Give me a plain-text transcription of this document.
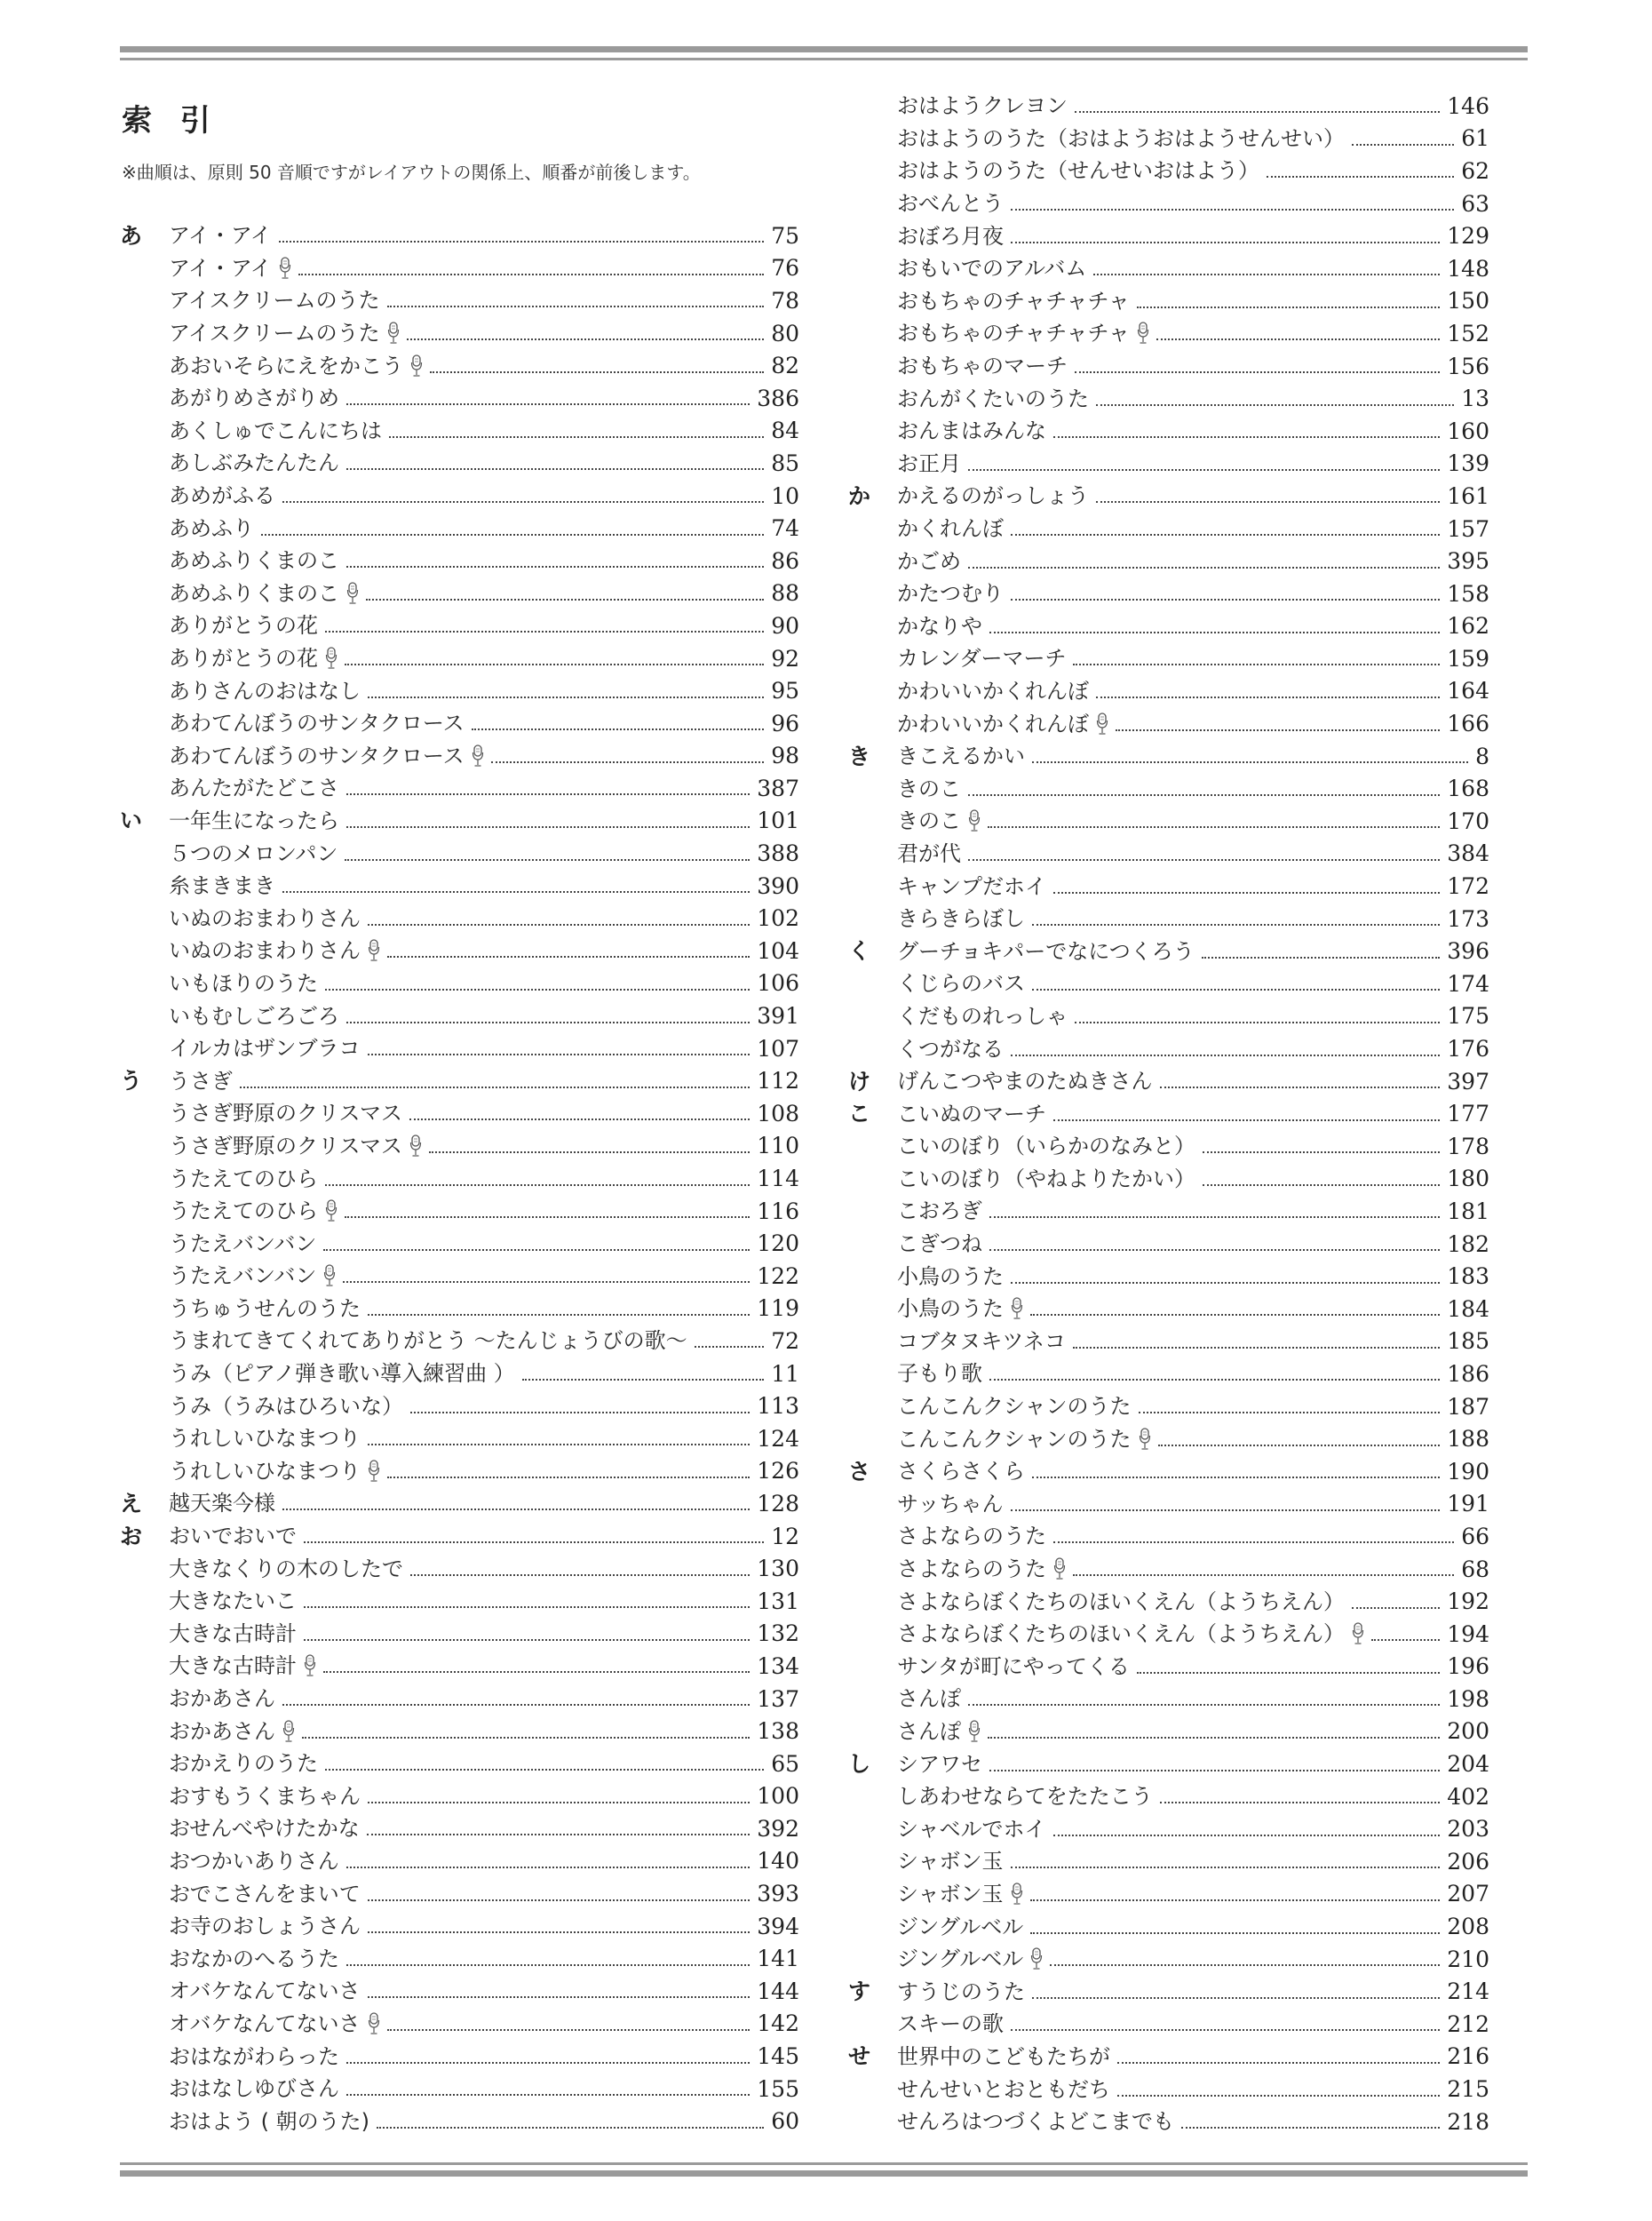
索 引
※曲順は、原則 50 音順ですがレイアウトの関係上、順番が前後します。
あ	アイ・アイ	75
アイ・アイ	76
アイスクリームのうた	78
アイスクリームのうた	80
あおいそらにえをかこう	82
あがりめさがりめ	386
あくしゅでこんにちは	84
あしぶみたんたん	85
あめがふる	10
あめふり	74
あめふりくまのこ	86
あめふりくまのこ	88
ありがとうの花	90
ありがとうの花	92
ありさんのおはなし	95
あわてんぼうのサンタクロース	96
あわてんぼうのサンタクロース	98
あんたがたどこさ	387
い	一年生になったら	101
５つのメロンパン	388
糸まきまき	390
いぬのおまわりさん	102
いぬのおまわりさん	104
いもほりのうた	106
いもむしごろごろ	391
イルカはザンブラコ	107
う	うさぎ	112
うさぎ野原のクリスマス	108
うさぎ野原のクリスマス	110
うたえてのひら	114
うたえてのひら	116
うたえバンバン	120
うたえバンバン	122
うちゅうせんのうた	119
うまれてきてくれてありがとう 〜たんじょうびの歌〜	72
うみ（ピアノ弾き歌い導入練習曲 ）	11
うみ（うみはひろいな）	113
うれしいひなまつり	124
うれしいひなまつり	126
え	越天楽今様	128
お	おいでおいで	12
大きなくりの木のしたで	130
大きなたいこ	131
大きな古時計	132
大きな古時計	134
おかあさん	137
おかあさん	138
おかえりのうた	65
おすもうくまちゃん	100
おせんべやけたかな	392
おつかいありさん	140
おでこさんをまいて	393
お寺のおしょうさん	394
おなかのへるうた	141
オバケなんてないさ	144
オバケなんてないさ	142
おはながわらった	145
おはなしゆびさん	155
おはよう ( 朝のうた)	60
おはようクレヨン	146
おはようのうた（おはようおはようせんせい）	61
おはようのうた（せんせいおはよう）	62
おべんとう	63
おぼろ月夜	129
おもいでのアルバム	148
おもちゃのチャチャチャ	150
おもちゃのチャチャチャ	152
おもちゃのマーチ	156
おんがくたいのうた	13
おんまはみんな	160
お正月	139
か	かえるのがっしょう	161
かくれんぼ	157
かごめ	395
かたつむり	158
かなりや	162
カレンダーマーチ	159
かわいいかくれんぼ	164
かわいいかくれんぼ	166
き	きこえるかい	8
きのこ	168
きのこ	170
君が代	384
キャンプだホイ	172
きらきらぼし	173
く	グーチョキパーでなにつくろう	396
くじらのバス	174
くだものれっしゃ	175
くつがなる	176
け	げんこつやまのたぬきさん	397
こ	こいぬのマーチ	177
こいのぼり（いらかのなみと）	178
こいのぼり（やねよりたかい）	180
こおろぎ	181
こぎつね	182
小鳥のうた	183
小鳥のうた	184
コブタヌキツネコ	185
子もり歌	186
こんこんクシャンのうた	187
こんこんクシャンのうた	188
さ	さくらさくら	190
サッちゃん	191
さよならのうた	66
さよならのうた	68
さよならぼくたちのほいくえん（ようちえん）	192
さよならぼくたちのほいくえん（ようちえん）	194
サンタが町にやってくる	196
さんぽ	198
さんぽ	200
し	シアワセ	204
しあわせならてをたたこう	402
シャベルでホイ	203
シャボン玉	206
シャボン玉	207
ジングルベル	208
ジングルベル	210
す	すうじのうた	214
スキーの歌	212
せ	世界中のこどもたちが	216
せんせいとおともだち	215
せんろはつづくよどこまでも	218
